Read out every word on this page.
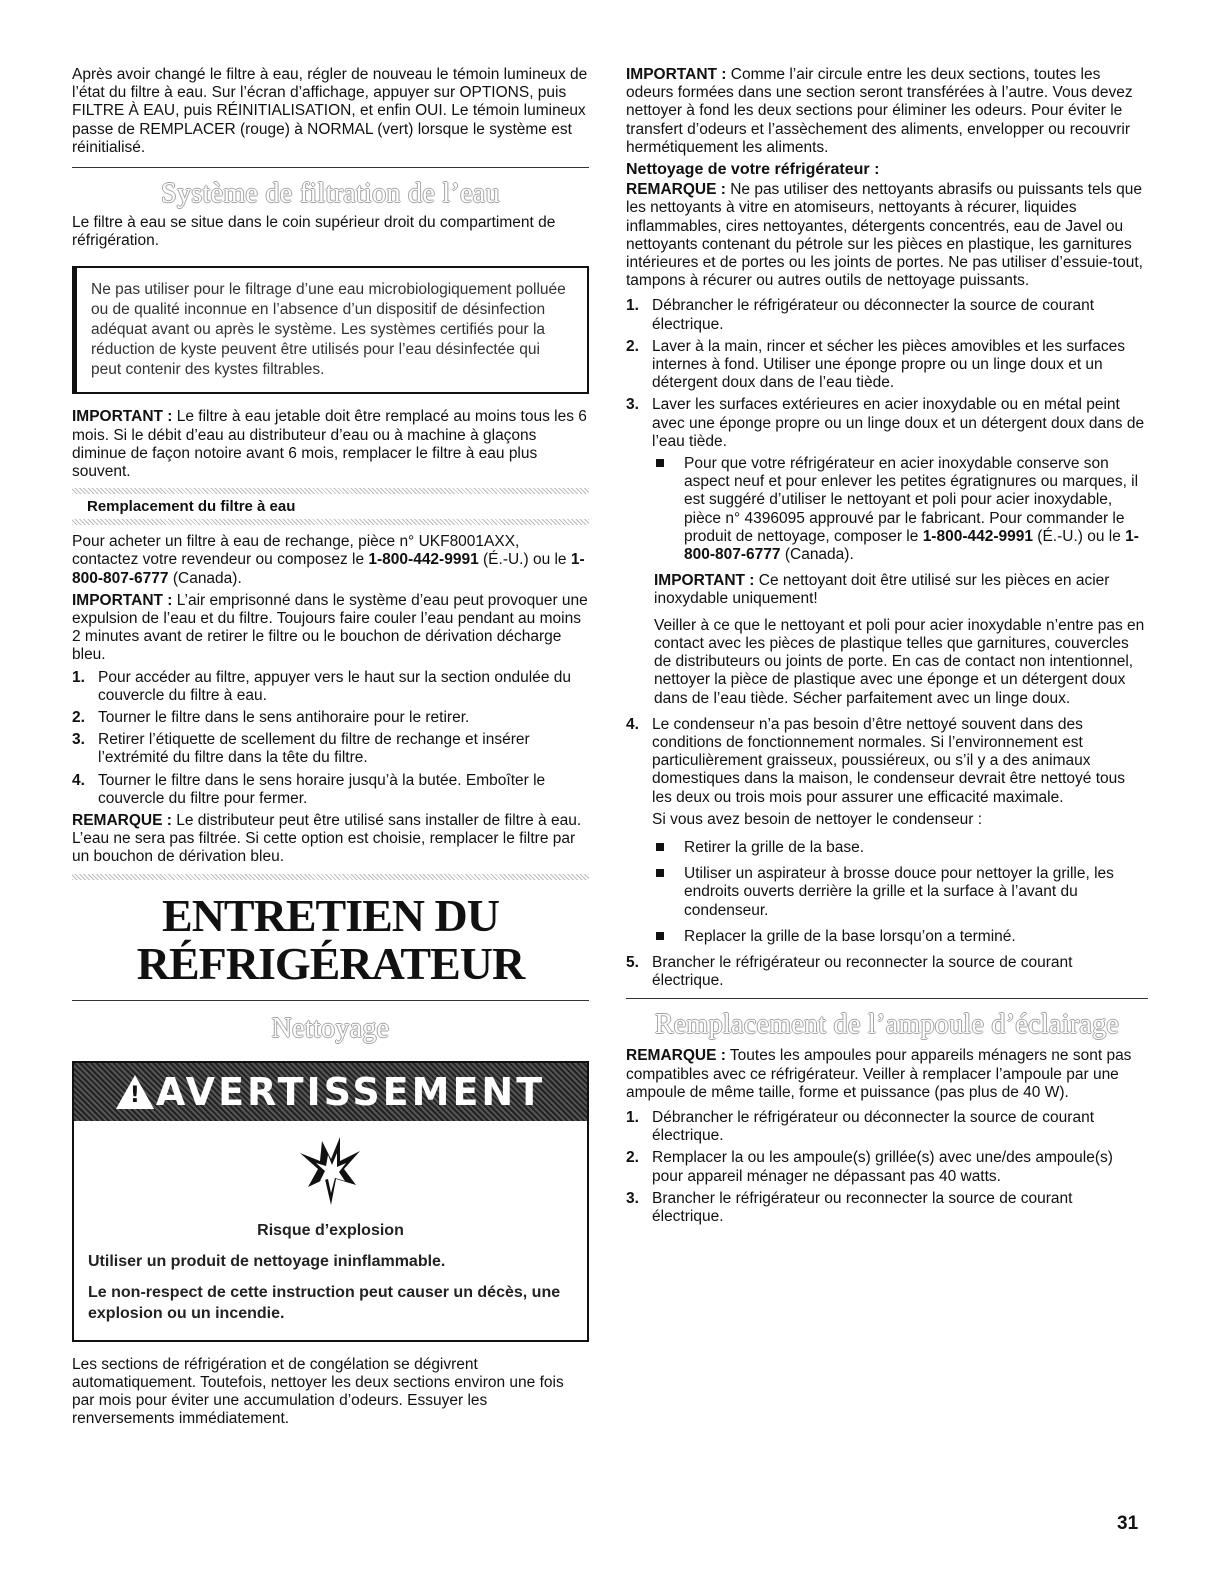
Après avoir changé le filtre à eau, régler de nouveau le témoin lumineux de l’état du filtre à eau. Sur l’écran d’affichage, appuyer sur OPTIONS, puis FILTRE À EAU, puis RÉINITIALISATION, et enfin OUI. Le témoin lumineux passe de REMPLACER (rouge) à NORMAL (vert) lorsque le système est réinitialisé.

Système de filtration de l’eau

Le filtre à eau se situe dans le coin supérieur droit du compartiment de réfrigération.

Ne pas utiliser pour le filtrage d’une eau microbiologiquement polluée ou de qualité inconnue en l’absence d’un dispositif de désinfection adéquat avant ou après le système. Les systèmes certifiés pour la réduction de kyste peuvent être utilisés pour l’eau désinfectée qui peut contenir des kystes filtrables.

IMPORTANT : Le filtre à eau jetable doit être remplacé au moins tous les 6 mois. Si le débit d’eau au distributeur d’eau ou à machine à glaçons diminue de façon notoire avant 6 mois, remplacer le filtre à eau plus souvent.

Remplacement du filtre à eau

Pour acheter un filtre à eau de rechange, pièce n° UKF8001AXX, contactez votre revendeur ou composez le 1-800-442-9991 (É.-U.) ou le 1-800-807-6777 (Canada).

IMPORTANT : L’air emprisonné dans le système d’eau peut provoquer une expulsion de l’eau et du filtre. Toujours faire couler l’eau pendant au moins 2 minutes avant de retirer le filtre ou le bouchon de dérivation décharge bleu.

1. Pour accéder au filtre, appuyer vers le haut sur la section ondulée du couvercle du filtre à eau.
2. Tourner le filtre dans le sens antihoraire pour le retirer.
3. Retirer l’étiquette de scellement du filtre de rechange et insérer l’extrémité du filtre dans la tête du filtre.
4. Tourner le filtre dans le sens horaire jusqu’à la butée. Emboîter le couvercle du filtre pour fermer.

REMARQUE : Le distributeur peut être utilisé sans installer de filtre à eau. L’eau ne sera pas filtrée. Si cette option est choisie, remplacer le filtre par un bouchon de dérivation bleu.

ENTRETIEN DU
RÉFRIGÉRATEUR
Nettoyage
! AVERTISSEMENT

Risque d’explosion

Utiliser un produit de nettoyage ininflammable.

Le non-respect de cette instruction peut causer un décès, une explosion ou un incendie.

Les sections de réfrigération et de congélation se dégivrent automatiquement. Toutefois, nettoyer les deux sections environ une fois par mois pour éviter une accumulation d’odeurs. Essuyer les renversements immédiatement.

IMPORTANT : Comme l’air circule entre les deux sections, toutes les odeurs formées dans une section seront transférées à l’autre. Vous devez nettoyer à fond les deux sections pour éliminer les odeurs. Pour éviter le transfert d’odeurs et l’assèchement des aliments, envelopper ou recouvrir hermétiquement les aliments.

Nettoyage de votre réfrigérateur :

REMARQUE : Ne pas utiliser des nettoyants abrasifs ou puissants tels que les nettoyants à vitre en atomiseurs, nettoyants à récurer, liquides inflammables, cires nettoyantes, détergents concentrés, eau de Javel ou nettoyants contenant du pétrole sur les pièces en plastique, les garnitures intérieures et de portes ou les joints de portes. Ne pas utiliser d’essuie-tout, tampons à récurer ou autres outils de nettoyage puissants.

1. Débrancher le réfrigérateur ou déconnecter la source de courant électrique.
2. Laver à la main, rincer et sécher les pièces amovibles et les surfaces internes à fond. Utiliser une éponge propre ou un linge doux et un détergent doux dans de l’eau tiède.
3. Laver les surfaces extérieures en acier inoxydable ou en métal peint avec une éponge propre ou un linge doux et un détergent doux dans de l’eau tiède.
Pour que votre réfrigérateur en acier inoxydable conserve son aspect neuf et pour enlever les petites égratignures ou marques, il est suggéré d’utiliser le nettoyant et poli pour acier inoxydable, pièce n° 4396095 approuvé par le fabricant. Pour commander le produit de nettoyage, composer le 1-800-442-9991 (É.-U.) ou le 1-800-807-6777 (Canada).

IMPORTANT : Ce nettoyant doit être utilisé sur les pièces en acier inoxydable uniquement!

Veiller à ce que le nettoyant et poli pour acier inoxydable n’entre pas en contact avec les pièces de plastique telles que garnitures, couvercles de distributeurs ou joints de porte. En cas de contact non intentionnel, nettoyer la pièce de plastique avec une éponge et un détergent doux dans de l’eau tiède. Sécher parfaitement avec un linge doux.

4. Le condenseur n’a pas besoin d’être nettoyé souvent dans des conditions de fonctionnement normales. Si l’environnement est particulièrement graisseux, poussiéreux, ou s’il y a des animaux domestiques dans la maison, le condenseur devrait être nettoyé tous les deux ou trois mois pour assurer une efficacité maximale.

Si vous avez besoin de nettoyer le condenseur :

Retirer la grille de la base.
Utiliser un aspirateur à brosse douce pour nettoyer la grille, les endroits ouverts derrière la grille et la surface à l’avant du condenseur.
Replacer la grille de la base lorsqu’on a terminé.
5. Brancher le réfrigérateur ou reconnecter la source de courant électrique.
Remplacement de l’ampoule d’éclairage

REMARQUE : Toutes les ampoules pour appareils ménagers ne sont pas compatibles avec ce réfrigérateur. Veiller à remplacer l’ampoule par une ampoule de même taille, forme et puissance (pas plus de 40 W).

1. Débrancher le réfrigérateur ou déconnecter la source de courant électrique.
2. Remplacer la ou les ampoule(s) grillée(s) avec une/des ampoule(s) pour appareil ménager ne dépassant pas 40 watts.
3. Brancher le réfrigérateur ou reconnecter la source de courant électrique.
31
